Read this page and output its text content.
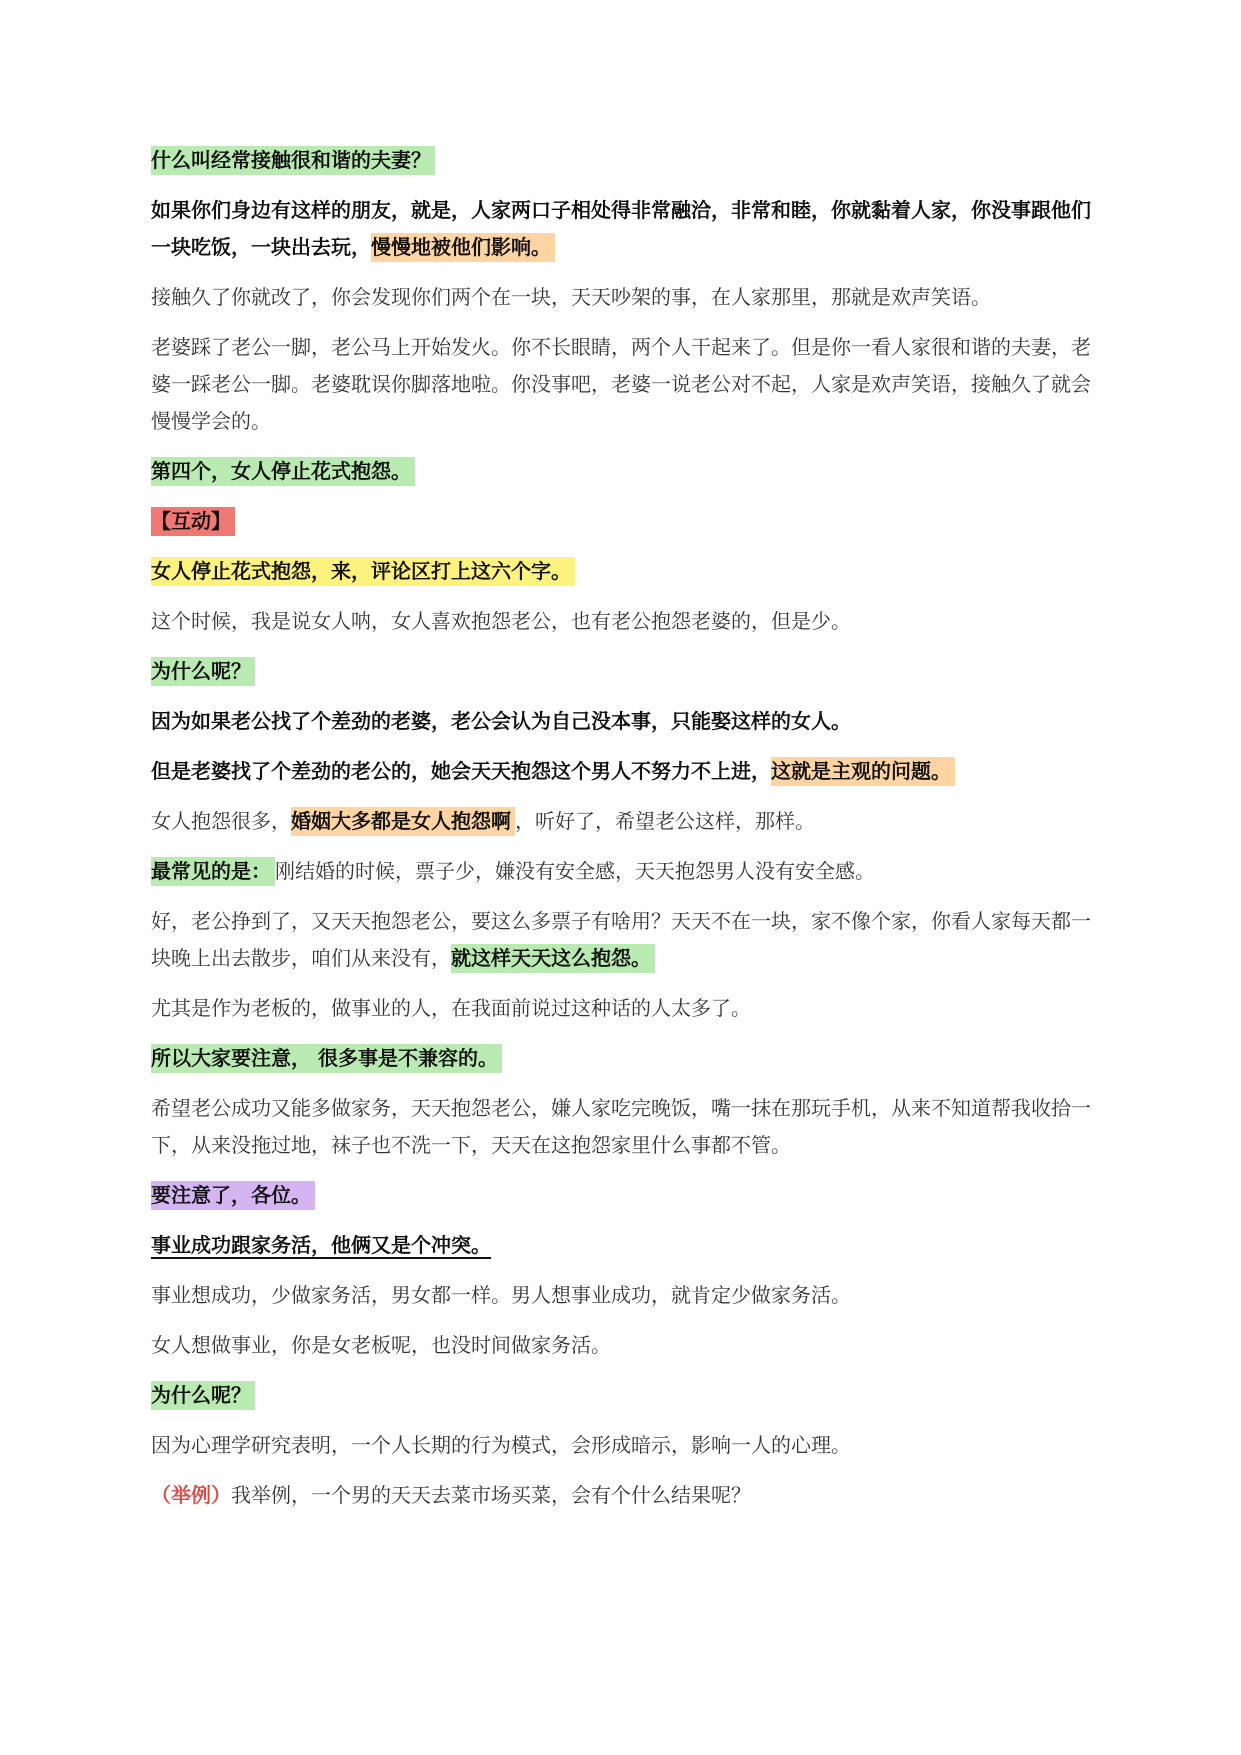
什么叫经常接触很和谐的夫妻？
如果你们身边有这样的朋友，就是，人家两口子相处得非常融洽，非常和睦，你就黏着人家，你没事跟他们一块吃饭，一块出去玩，慢慢地被他们影响。
接触久了你就改了，你会发现你们两个在一块，天天吵架的事，在人家那里，那就是欢声笑语。
老婆踩了老公一脚，老公马上开始发火。你不长眼睛，两个人干起来了。但是你一看人家很和谐的夫妻，老婆一踩老公一脚。老婆耽误你脚落地啦。你没事吧，老婆一说老公对不起，人家是欢声笑语，接触久了就会慢慢学会的。
第四个，女人停止花式抱怨。
【互动】
女人停止花式抱怨，来，评论区打上这六个字。
这个时候，我是说女人呐，女人喜欢抱怨老公，也有老公抱怨老婆的，但是少。
为什么呢？
因为如果老公找了个差劲的老婆，老公会认为自己没本事，只能娶这样的女人。
但是老婆找了个差劲的老公的，她会天天抱怨这个男人不努力不上进，这就是主观的问题。
女人抱怨很多，婚姻大多都是女人抱怨啊 ，听好了，希望老公这样，那样。
最常见的是： 刚结婚的时候，票子少，嫌没有安全感，天天抱怨男人没有安全感。
好，老公挣到了，又天天抱怨老公，要这么多票子有啥用？天天不在一块，家不像个家，你看人家每天都一块晚上出去散步，咱们从来没有，就这样天天这么抱怨。
尤其是作为老板的，做事业的人，在我面前说过这种话的人太多了。
所以大家要注意， 很多事是不兼容的。
希望老公成功又能多做家务，天天抱怨老公，嫌人家吃完晚饭，嘴一抹在那玩手机，从来不知道帮我收拾一下，从来没拖过地，袜子也不洗一下，天天在这抱怨家里什么事都不管。
要注意了，各位。
事业成功跟家务活，他俩又是个冲突。
事业想成功，少做家务活，男女都一样。男人想事业成功，就肯定少做家务活。
女人想做事业，你是女老板呢，也没时间做家务活。
为什么呢？
因为心理学研究表明，一个人长期的行为模式，会形成暗示，影响一人的心理。
（举例）我举例，一个男的天天去菜市场买菜，会有个什么结果呢？
